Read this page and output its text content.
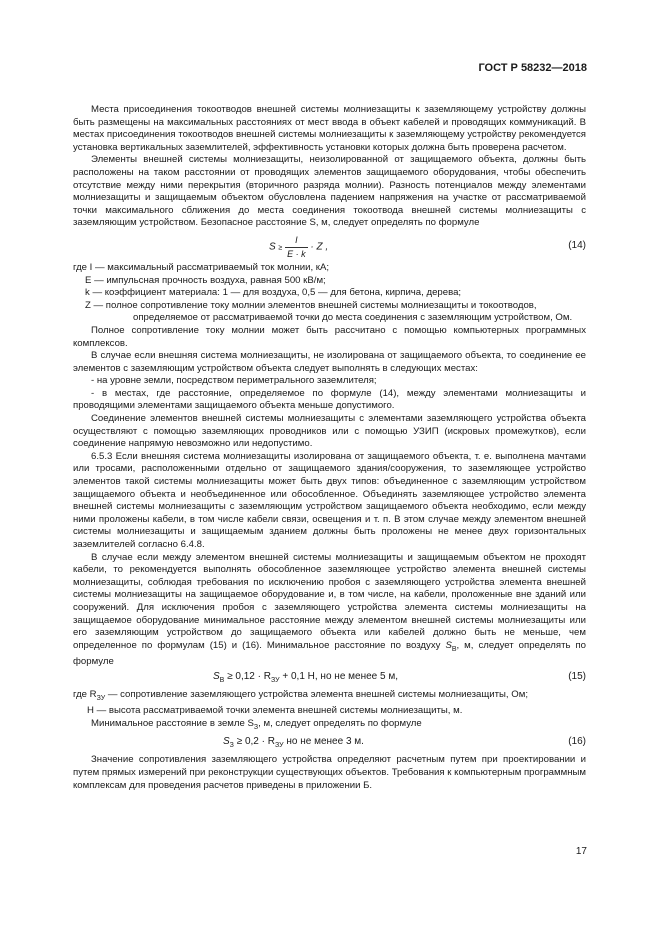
ГОСТ Р 58232—2018

Места присоединения токоотводов внешней системы молниезащиты к заземляющему устройству должны быть размещены на максимальных расстояниях от мест ввода в объект кабелей и проводящих коммуникаций. В местах присоединения токоотводов внешней системы молниезащиты к заземляющему устройству рекомендуется установка вертикальных заземлителей, эффективность установки которых должна быть проверена расчетом.

Элементы внешней системы молниезащиты, неизолированной от защищаемого объекта, должны быть расположены на таком расстоянии от проводящих элементов защищаемого оборудования, чтобы обеспечить отсутствие между ними перекрытия (вторичного разряда молнии). Разность потенциалов между элементами молниезащиты и защищаемым объектом обусловлена падением напряжения на участке от рассматриваемой точки максимального сближения до места соединения токоотвода внешней системы молниезащиты с заземляющим устройством. Безопасное расстояние S, м, следует определять по формуле

$S \ge \frac{I}{E \cdot k} \cdot Z$ ,	(14)
где I — максимальный рассматриваемый ток молнии, кА;
E — импульсная прочность воздуха, равная 500 кВ/м;
k — коэффициент материала: 1 — для воздуха, 0,5 — для бетона, кирпича, дерева;
Z — полное сопротивление току молнии элементов внешней системы молниезащиты и токоотводов,
определяемое от рассматриваемой точки до места соединения с заземляющим устройством, Ом.

Полное сопротивление току молнии может быть рассчитано с помощью компьютерных программных комплексов.

В случае если внешняя система молниезащиты, не изолирована от защищаемого объекта, то соединение ее элементов с заземляющим устройством объекта следует выполнять в следующих местах:

- на уровне земли, посредством периметрального заземлителя;
- в местах, где расстояние, определяемое по формуле (14), между элементами молниезащиты и проводящими элементами защищаемого объекта меньше допустимого.

Соединение элементов внешней системы молниезащиты с элементами заземляющего устройства объекта осуществляют с помощью заземляющих проводников или с помощью УЗИП (искровых промежутков), если соединение напрямую невозможно или недопустимо.

6.5.3 Если внешняя система молниезащиты изолирована от защищаемого объекта, т. е. выполнена мачтами или тросами, расположенными отдельно от защищаемого здания/сооружения, то заземляющее устройство элементов такой системы молниезащиты может быть двух типов: объединенное с заземляющим устройством защищаемого объекта и необъединенное или обособленное. Объединять заземляющее устройство элемента внешней системы молниезащиты с заземляющим устройством защищаемого объекта необходимо, если между ними проложены кабели, в том числе кабели связи, освещения и т. п. В этом случае между элементом внешней системы молниезащиты и защищаемым зданием должны быть проложены не менее двух горизонтальных заземлителей согласно 6.4.8.

В случае если между элементом внешней системы молниезащиты и защищаемым объектом не проходят кабели, то рекомендуется выполнять обособленное заземляющее устройство элемента внешней системы молниезащиты, соблюдая требования по исключению пробоя с заземляющего устройства элемента внешней системы молниезащиты на защищаемое оборудование и, в том числе, на кабели, проложенные вне зданий или сооружений. Для исключения пробоя с заземляющего устройства элемента системы молниезащиты на защищаемое оборудование минимальное расстояние между элементом внешней системы молниезащиты или его заземляющим устройством до защищаемого объекта или кабелей должно быть не меньше, чем определенное по формулам (15) и (16). Минимальное расстояние по воздуху $S_В$, м, следует определять по формуле

$S_В \ge 0,12 \cdot R_{ЗУ} + 0,1$ H, но не менее 5 м,	(15)
где $R_{ЗУ}$ — сопротивление заземляющего устройства элемента внешней системы молниезащиты, Ом;
H — высота рассматриваемой точки элемента внешней системы молниезащиты, м.

Минимальное расстояние в земле $S_З$, м, следует определять по формуле

$S_З \ge 0,2 \cdot R_{ЗУ}$ но не менее 3 м.	(16)

Значение сопротивления заземляющего устройства определяют расчетным путем при проектировании и путем прямых измерений при реконструкции существующих объектов. Требования к компьютерным программным комплексам для проведения расчетов приведены в приложении Б.

17
